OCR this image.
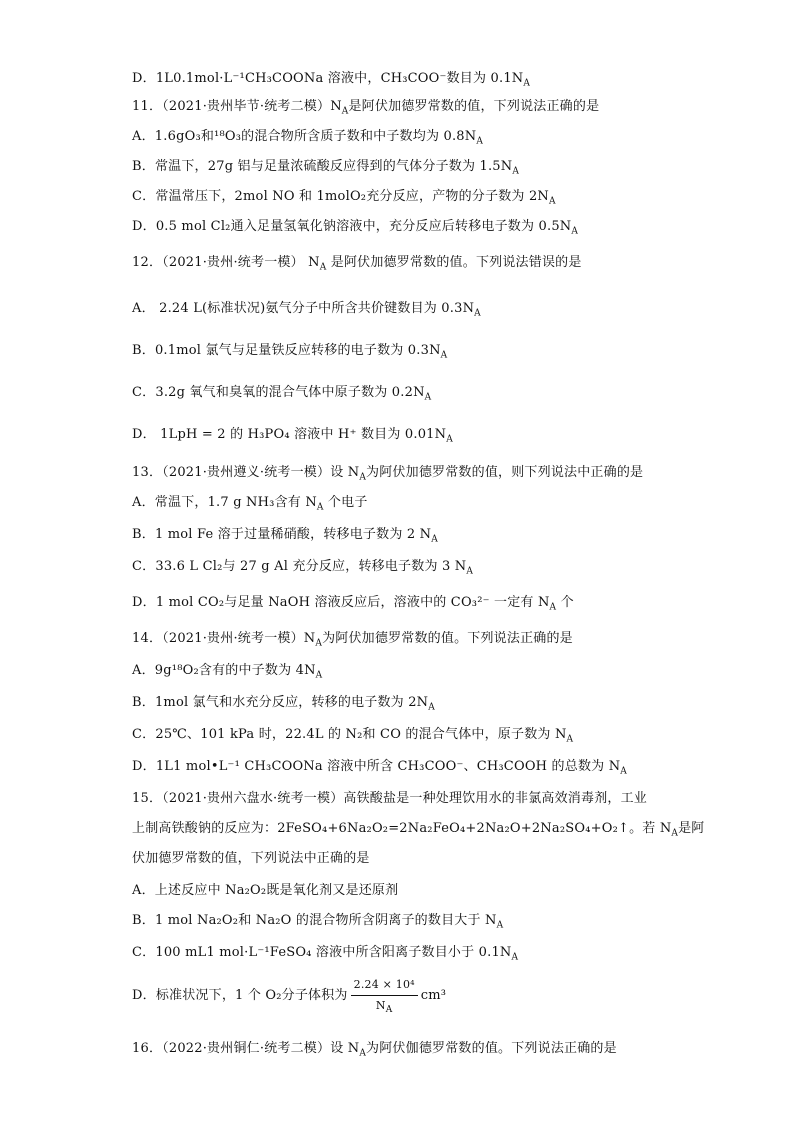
D．1L0.1mol·L⁻¹CH₃COONa 溶液中，CH₃COO⁻数目为 $0.1N_A$
11．（2021·贵州毕节·统考二模）$N_A$是阿伏加德罗常数的值，下列说法正确的是
A．1.6gO₃和¹⁸O₃的混合物所含质子数和中子数均为 $0.8N_A$
B．常温下，27g 铝与足量浓硫酸反应得到的气体分子数为 $1.5N_A$
C．常温常压下，2mol NO 和 1molO₂充分反应，产物的分子数为 $2N_A$
D．0.5 mol Cl₂通入足量氢氧化钠溶液中，充分反应后转移电子数为 $0.5N_A$
12．（2021·贵州·统考一模） $N_A$ 是阿伏加德罗常数的值。下列说法错误的是
A． 2.24 L(标准状况)氨气分子中所含共价键数目为 $0.3N_A$
B．0.1mol 氯气与足量铁反应转移的电子数为 $0.3N_A$
C．3.2g 氧气和臭氧的混合气体中原子数为 $0.2N_A$
D． 1LpH = 2 的 H₃PO₄ 溶液中 H⁺ 数目为 $0.01N_A$
13．（2021·贵州遵义·统考一模）设 $N_A$为阿伏加德罗常数的值，则下列说法中正确的是
A．常温下，1.7 g NH₃含有 $N_A$ 个电子
B．1 mol Fe 溶于过量稀硝酸，转移电子数为 2 $N_A$
C．33.6 L Cl₂与 27 g Al 充分反应，转移电子数为 3 $N_A$
D．1 mol CO₂与足量 NaOH 溶液反应后，溶液中的 CO₃²⁻ 一定有 $N_A$ 个
14．（2021·贵州·统考一模）$N_A$为阿伏加德罗常数的值。下列说法正确的是
A．9g¹⁸O₂含有的中子数为 $4N_A$
B．1mol 氯气和水充分反应，转移的电子数为 $2N_A$
C．25℃、101 kPa 时，22.4L 的 N₂和 CO 的混合气体中，原子数为 $N_A$
D．1L1 mol•L⁻¹ CH₃COONa 溶液中所含 CH₃COO⁻、CH₃COOH 的总数为 $N_A$
15．（2021·贵州六盘水·统考一模）高铁酸盐是一种处理饮用水的非氯高效消毒剂，工业
上制高铁酸钠的反应为：2FeSO₄+6Na₂O₂=2Na₂FeO₄+2Na₂O+2Na₂SO₄+O₂↑。若 $N_A$是阿
伏加德罗常数的值，下列说法中正确的是
A．上述反应中 Na₂O₂既是氧化剂又是还原剂
B．1 mol Na₂O₂和 Na₂O 的混合物所含阴离子的数目大于 $N_A$
C．100 mL1 mol·L⁻¹FeSO₄ 溶液中所含阳离子数目小于 $0.1N_A$
D．标准状况下，1 个 O₂分子体积为 $\frac{\text{2.24 × 10⁴}}{N_A} cm^3$
16．（2022·贵州铜仁·统考二模）设 $N_A$为阿伏伽德罗常数的值。下列说法正确的是
